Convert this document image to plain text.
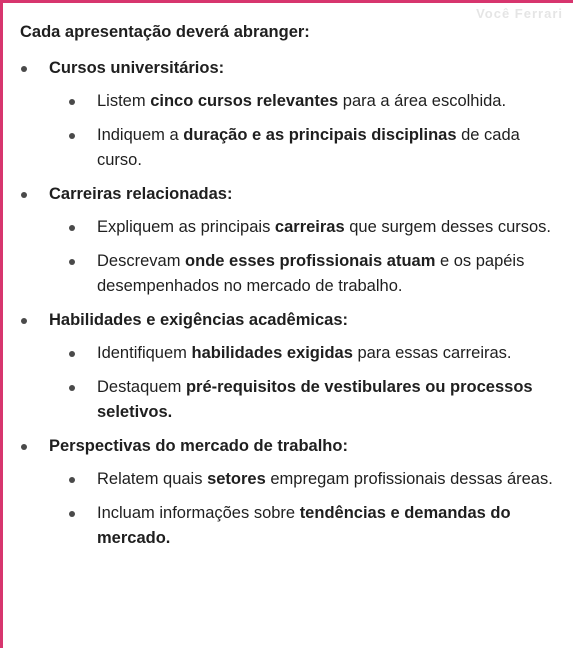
Você Ferrari
Cada apresentação deverá abranger:
Cursos universitários:
Listem cinco cursos relevantes para a área escolhida.
Indiquem a duração e as principais disciplinas de cada curso.
Carreiras relacionadas:
Expliquem as principais carreiras que surgem desses cursos.
Descrevam onde esses profissionais atuam e os papéis desempenhados no mercado de trabalho.
Habilidades e exigências acadêmicas:
Identifiquem habilidades exigidas para essas carreiras.
Destaquem pré-requisitos de vestibulares ou processos seletivos.
Perspectivas do mercado de trabalho:
Relatem quais setores empregam profissionais dessas áreas.
Incluam informações sobre tendências e demandas do mercado.
